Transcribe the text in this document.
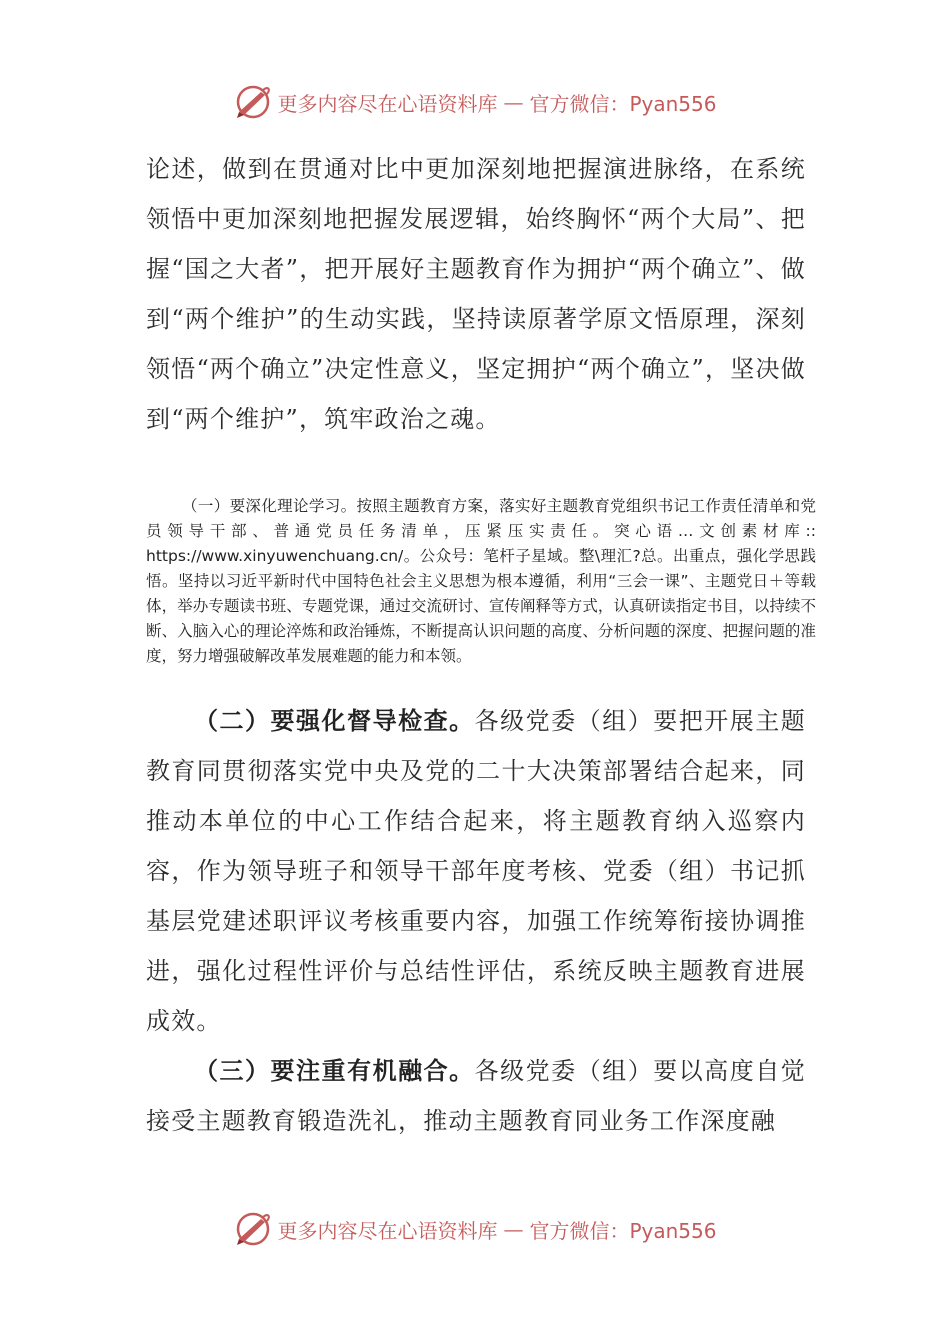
更多内容尽在心语资料库 — 官方微信：Pyan556

论述，做到在贯通对比中更加深刻地把握演进脉络，在系统领悟中更加深刻地把握发展逻辑，始终胸怀“两个大局”、把握“国之大者”，把开展好主题教育作为拥护“两个确立”、做到“两个维护”的生动实践，坚持读原著学原文悟原理，深刻领悟“两个确立”决定性意义，坚定拥护“两个确立”，坚决做到“两个维护”，筑牢政治之魂。

（一）要深化理论学习。按照主题教育方案，落实好主题教育党组织书记工作责任清单和党员领导干部、普通党员任务清单，压紧压实责任。突心语…文创素材库:: https://www.xinyuwenchuang.cn/。公众号：笔杆子星域。整\理汇?总。出重点，强化学思践悟。坚持以习近平新时代中国特色社会主义思想为根本遵循，利用“三会一课”、主题党日＋等载体，举办专题读书班、专题党课，通过交流研讨、宣传阐释等方式，认真研读指定书目，以持续不断、入脑入心的理论淬炼和政治锤炼，不断提高认识问题的高度、分析问题的深度、把握问题的准度，努力增强破解改革发展难题的能力和本领。

（二）要强化督导检查。各级党委（组）要把开展主题教育同贯彻落实党中央及党的二十大决策部署结合起来，同推动本单位的中心工作结合起来，将主题教育纳入巡察内容，作为领导班子和领导干部年度考核、党委（组）书记抓基层党建述职评议考核重要内容，加强工作统筹衔接协调推进，强化过程性评价与总结性评估，系统反映主题教育进展成效。

（三）要注重有机融合。各级党委（组）要以高度自觉接受主题教育锻造洗礼，推动主题教育同业务工作深度融

更多内容尽在心语资料库 — 官方微信：Pyan556
